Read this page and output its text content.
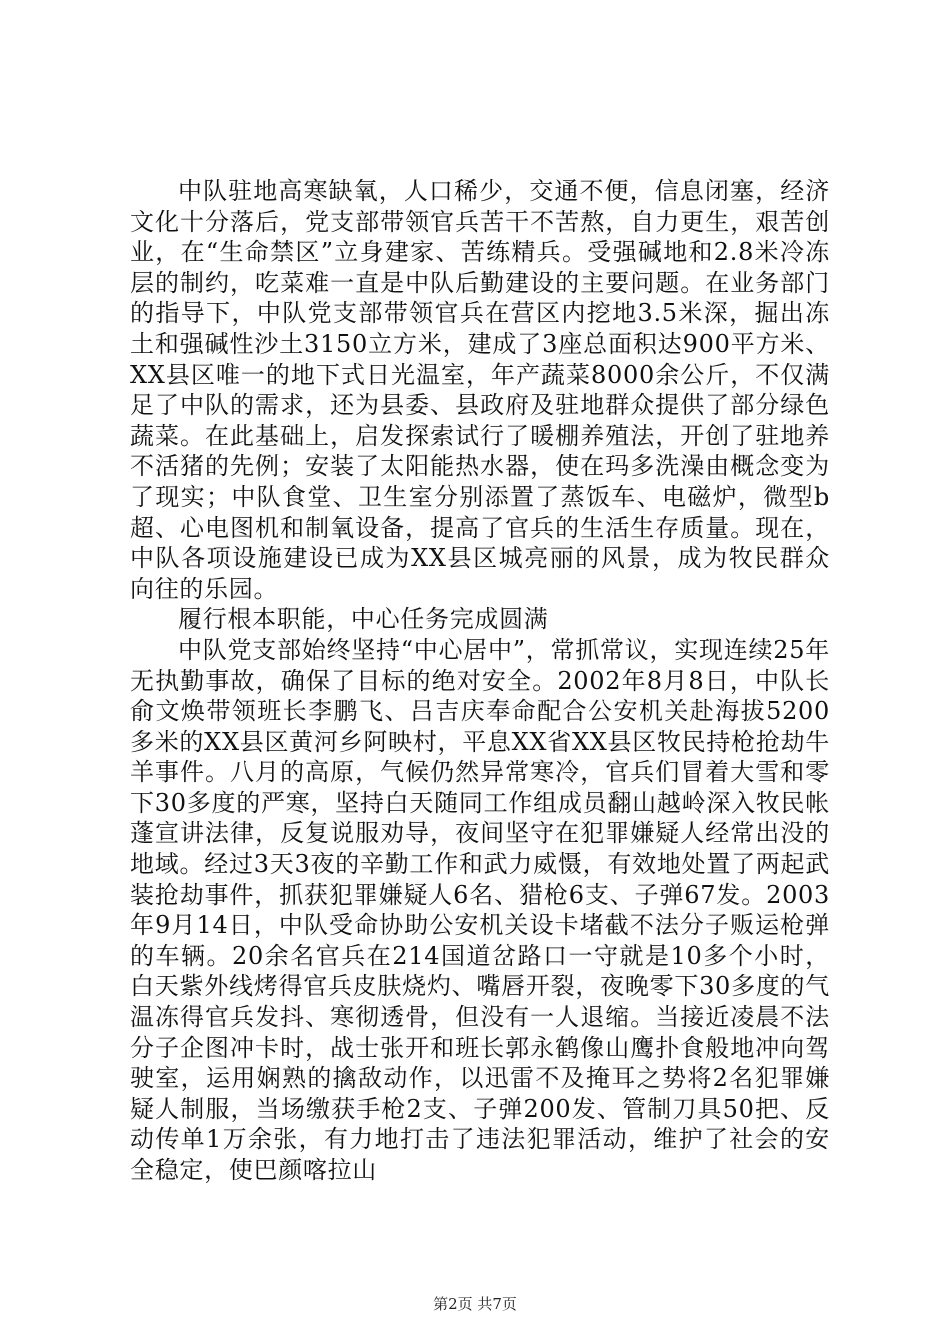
中队驻地高寒缺氧，人口稀少，交通不便，信息闭塞，经济文化十分落后，党支部带领官兵苦干不苦熬，自力更生，艰苦创业，在“生命禁区”立身建家、苦练精兵。受强碱地和2.8米冷冻层的制约，吃菜难一直是中队后勤建设的主要问题。在业务部门的指导下，中队党支部带领官兵在营区内挖地3.5米深，掘出冻土和强碱性沙土3150立方米，建成了3座总面积达900平方米、XX县区唯一的地下式日光温室，年产蔬菜8000余公斤，不仅满足了中队的需求，还为县委、县政府及驻地群众提供了部分绿色蔬菜。在此基础上，启发探索试行了暖棚养殖法，开创了驻地养不活猪的先例；安装了太阳能热水器，使在玛多洗澡由概念变为了现实；中队食堂、卫生室分别添置了蒸饭车、电磁炉，微型b超、心电图机和制氧设备，提高了官兵的生活生存质量。现在，中队各项设施建设已成为XX县区城亮丽的风景，成为牧民群众向往的乐园。

履行根本职能，中心任务完成圆满

中队党支部始终坚持“中心居中”，常抓常议，实现连续25年无执勤事故，确保了目标的绝对安全。2002年8月8日，中队长俞文焕带领班长李鹏飞、吕吉庆奉命配合公安机关赴海拔5200多米的XX县区黄河乡阿映村，平息XX省XX县区牧民持枪抢劫牛羊事件。八月的高原，气候仍然异常寒冷，官兵们冒着大雪和零下30多度的严寒，坚持白天随同工作组成员翻山越岭深入牧民帐蓬宣讲法律，反复说服劝导，夜间坚守在犯罪嫌疑人经常出没的地域。经过3天3夜的辛勤工作和武力威慑，有效地处置了两起武装抢劫事件，抓获犯罪嫌疑人6名、猎枪6支、子弹67发。2003年9月14日，中队受命协助公安机关设卡堵截不法分子贩运枪弹的车辆。20余名官兵在214国道岔路口一守就是10多个小时，白天紫外线烤得官兵皮肤烧灼、嘴唇开裂，夜晚零下30多度的气温冻得官兵发抖、寒彻透骨，但没有一人退缩。当接近凌晨不法分子企图冲卡时，战士张开和班长郭永鹤像山鹰扑食般地冲向驾驶室，运用娴熟的擒敌动作，以迅雷不及掩耳之势将2名犯罪嫌疑人制服，当场缴获手枪2支、子弹200发、管制刀具50把、反动传单1万余张，有力地打击了违法犯罪活动，维护了社会的安全稳定，使巴颜喀拉山

第2页 共7页
